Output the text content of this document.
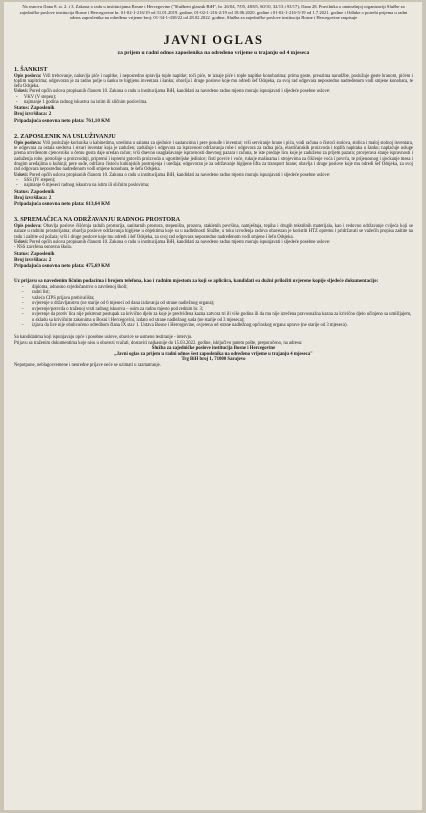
Na osnovu člana 8. st. 2. i 3. Zakona o radu u institucijama Bosne i Hercegovine ("Službeni glasnik BiH", br. 26/04, 7/05, 48/05, 60/10, 32/13 i 93/17), člana 28. Pravilnika o unutrašnjoj organizaciji Službe za zajedničke poslove institucija Bosne i Hercegovine br. 01-02-1-216/19 od 31.01.2019. godine, 01-02-1-216-2/19 od 18.06.2020. godine i 01-02-1-216-5/19 od 1.7.2021. godine i Odluke o potrebi prijema u radni odnos zaposlenika na određeno vrijeme broj: 01-34-1-430/22 od 28.02.2022. godine, Služba za zajedničke poslove institucija Bosne i Hercegovine raspisuje

JAVNI OGLAS

za prijem u radni odnos zaposlenika na određeno vrijeme u trajanju od 4 mjeseca

1. ŠANKIST

Opis poslova: Vrši trebovanje, nabavlja piće i napitke, i neposredno spravlja tople napitke; toči piće, te iznaje piće i tople napitke konobarima; prima goste, preuzima narudžbe, poslužuje goste hranom, pićem i toplim napitcima; odgovoran je za radno polje u šanku te higijenu inventara i šanku; obavlja i druge poslove koje mu odredi šef Odsjeka, za svoj rad odgovara neposredno nadređenom vođi smjene konobara, te šefu Odsjeka.

Uslovi: Pored općih uslova propisanih članom 10. Zakona o radu u institucijama BiH, kandidati za navedeno radno mjesto moraju ispunjavati i sljedeće posebne uslove:

- VKV (V stepen);

- najmanje 1 godina radnog iskustva na istim ili sličnim poslovima.

Status: Zaposlenik

Broj izvršilaca: 2

Pripadajuća osnovna neto plata: 761,10 KM

2. ZAPOSLENIK NA USLUŽIVANJU

Opis poslova: Vrši poslužuje korisnika u kabinetima, uredima u salama za sjednice i sastancima i pere posuđe i inventar; vrši serviranje hrane i pića, vodi računa o čistoći stolova, stolica i maloj stolnoj inventara, te odgovara za ostala sredstva i stvari inventar koja je zadužen; zadužuje i odgovara za ispravnost održavanja robe i odgovora za radna pića, elastičanskih proizvoda i toplih napitaka u šanku; naplaćuje usluge prema utvrđenom cjenovniku u čemu gosta daje uredan račun; vrši dnevno usaglašavanje ispravnosti dnevnog pazara i računa, te iste predaje licu koje je zaduženo za prijem pazara; provjerava stanje ispravnosti i zaduženja robe, potrošnje u proizvodnji, pripremi i ispremi gotovih proizvoda u ugostiteljske jedinice; čisti povrće i voće, rukuje mašinama i strojevima za čišćenje voća i povrća, te prijenosnog i sjeckanje mesa i drugim uređajima u kuhinji; pere suđe, održava čistoću kuhinjskih postrojenja i uređaja; odgovoran je za održavanje higijene lifta za transport hrane; obavlja i druge poslove koje mu odredi šef Odsjeka, za svoj rad odgovara neposredno nadređenom vođi smjene konobara, te šefu Odsjeka.

Uslovi: Pored općih uslova propisanih članom 10. Zakona o radu u institucijama BiH, kandidati za navedeno radno mjesto moraju ispunjavati i sljedeće posebne uslove:

- SSS (IV stepen);

- najmanje 6 mjeseci radnog iskustva na istim ili sličnim poslovima;

Status: Zaposlenik

Broj izvršilaca: 2

Pripadajuća osnovna neto plata: 613,64 KM

3. SPREMAČICA NA ODRŽAVANJU RADNOG PROSTORA

Opis poslova: Obavlja poslove čišćenja radnih prostorija, sanitarnih prostora, stepeništa, prozora, staklenih površina, namještaja, tepiha i drugih tekstilnih materijala, kao i redovno održavanje cvijeća koji se nalaze u radnim prostorijama; obavlja poslove održavanja higijene u objektima koje su u nadležnosti Službe, u toku izvođenja radova obavezan je koristiti HTZ opremu i pridržavati se važećih propisa zaštite na radu i zaštite od požara; vrši i druge poslove koje mu odredi i šef Odsjeka, za svoj rad odgovara neposredno nadređenom vođi smjene i šefu Odsjeka.

Uslovi: Pored općih uslova propisanih članom 10. Zakona o radu u institucijama BiH, kandidati za navedeno radno mjesto moraju ispunjavati i sljedeće posebne uslove:

- NSS završena osnovna škola.

Status: Zaposlenik

Broj izvršilaca: 2

Pripadajuća osnovna neto plata: 475,69 KM

Uz prijavu sa navedenim ličnim podacima i brojem telefona, kao i radnim mjestom za koji se apliciira, kandidati su dužni priložiti uvjerene kopije sljedeće dokumentacije:

- diploma, odnosno svjedočanstvo o završenoj školi;

- radni list;

- važeća CIPS prijava prebivališta;

- uvjerenje o državljanstvu (ne starije od 6 mjeseci od dana izdavanja od strane nadležnog organa);

- uvjerenje/potvrda o traženoj vrsti radnog iskustva – osim za radno mjesto pod rednim br. 3;

- uvjerenje da protiv lica nije pokrenut postupak za krivično djelo za koje je predviđena kazna zatvora tri ili više godina ili da mu nije izrečena pravosnažna kazna za krivično djelo učinjeno sa umišljajem, u skladu sa krivičnim zakonima u Bosni i Hercegovini, izdato od strane nadležnog suda (ne starije od 3 mjeseca);

- izjava da lice nije obuhvaćeno odredbom člana IX stav 1. Ustava Bosne i Hercegovine, ovjerena od strane nadležnog općinskog organa uprave (ne starije od 3 mjeseca).

Sa kandidatima koji ispunjavaju opće i posebne uslove, obavice se usmeno testiranje - intervju.

Prijavu sa traženim dokumentima koje nisu u obavezi vračati, dostaviti najkasnije do 15.03.2022. godine, isključivo putem pošte, preporučeno, na adresu:

Služba za zajedničke poslove institucija Bosne i Hercegovine

„Javni oglas za prijem u radni odnos šest zaposlenika na određeno vrijeme u trajanju 4 mjeseca"

Trg BiH broj 1, 71000 Sarajevo

Nepotpune, neblagovremene i neuredne prijave neće se uzimati u razmatranje.
